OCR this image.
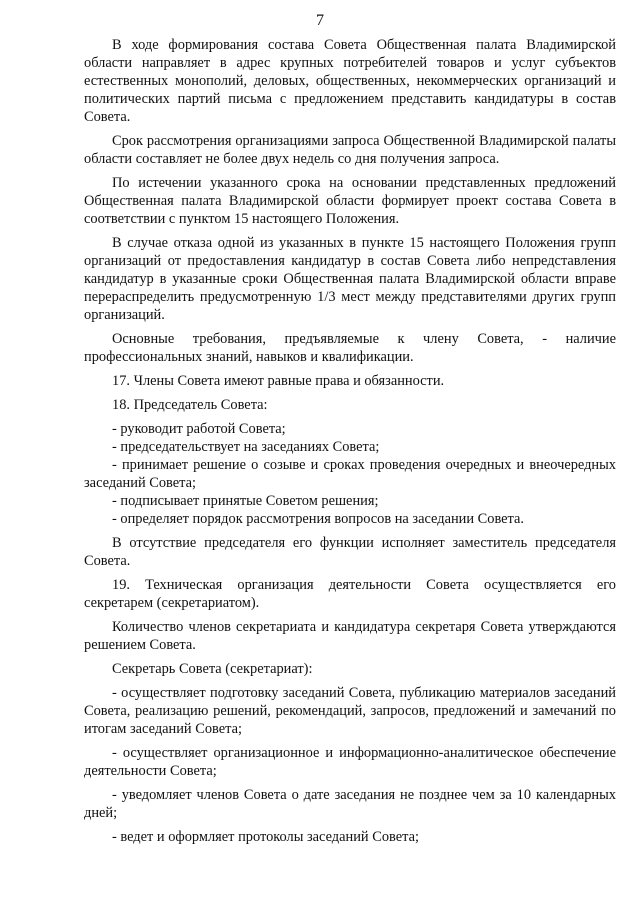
7

В ходе формирования состава Совета Общественная палата Владимирской области направляет в адрес крупных потребителей товаров и услуг субъектов естественных монополий, деловых, общественных, некоммерческих организаций и политических партий письма с предложением представить кандидатуры в состав Совета.

Срок рассмотрения организациями запроса Общественной Владимирской палаты области составляет не более двух недель со дня получения запроса.

По истечении указанного срока на основании представленных предложений Общественная палата Владимирской области формирует проект состава Совета в соответствии с пунктом 15 настоящего Положения.

В случае отказа одной из указанных в пункте 15 настоящего Положения групп организаций от предоставления кандидатур в состав Совета либо непредставления кандидатур в указанные сроки Общественная палата Владимирской области вправе перераспределить предусмотренную 1/3 мест между представителями других групп организаций.

Основные требования, предъявляемые к члену Совета, - наличие профессиональных знаний, навыков и квалификации.

17. Члены Совета имеют равные права и обязанности.

18. Председатель Совета:

- руководит работой Совета;

- председательствует на заседаниях Совета;

- принимает решение о созыве и сроках проведения очередных и внеочередных заседаний Совета;

- подписывает принятые Советом решения;

- определяет порядок рассмотрения вопросов на заседании Совета.

В отсутствие председателя его функции исполняет заместитель председателя Совета.

19. Техническая организация деятельности Совета осуществляется его секретарем (секретариатом).

Количество членов секретариата и кандидатура секретаря Совета утверждаются решением Совета.

Секретарь Совета (секретариат):

- осуществляет подготовку заседаний Совета, публикацию материалов заседаний Совета, реализацию решений, рекомендаций, запросов, предложений и замечаний по итогам заседаний Совета;

- осуществляет организационное и информационно-аналитическое обеспечение деятельности Совета;

- уведомляет членов Совета о дате заседания не позднее чем за 10 календарных дней;

- ведет и оформляет протоколы заседаний Совета;
